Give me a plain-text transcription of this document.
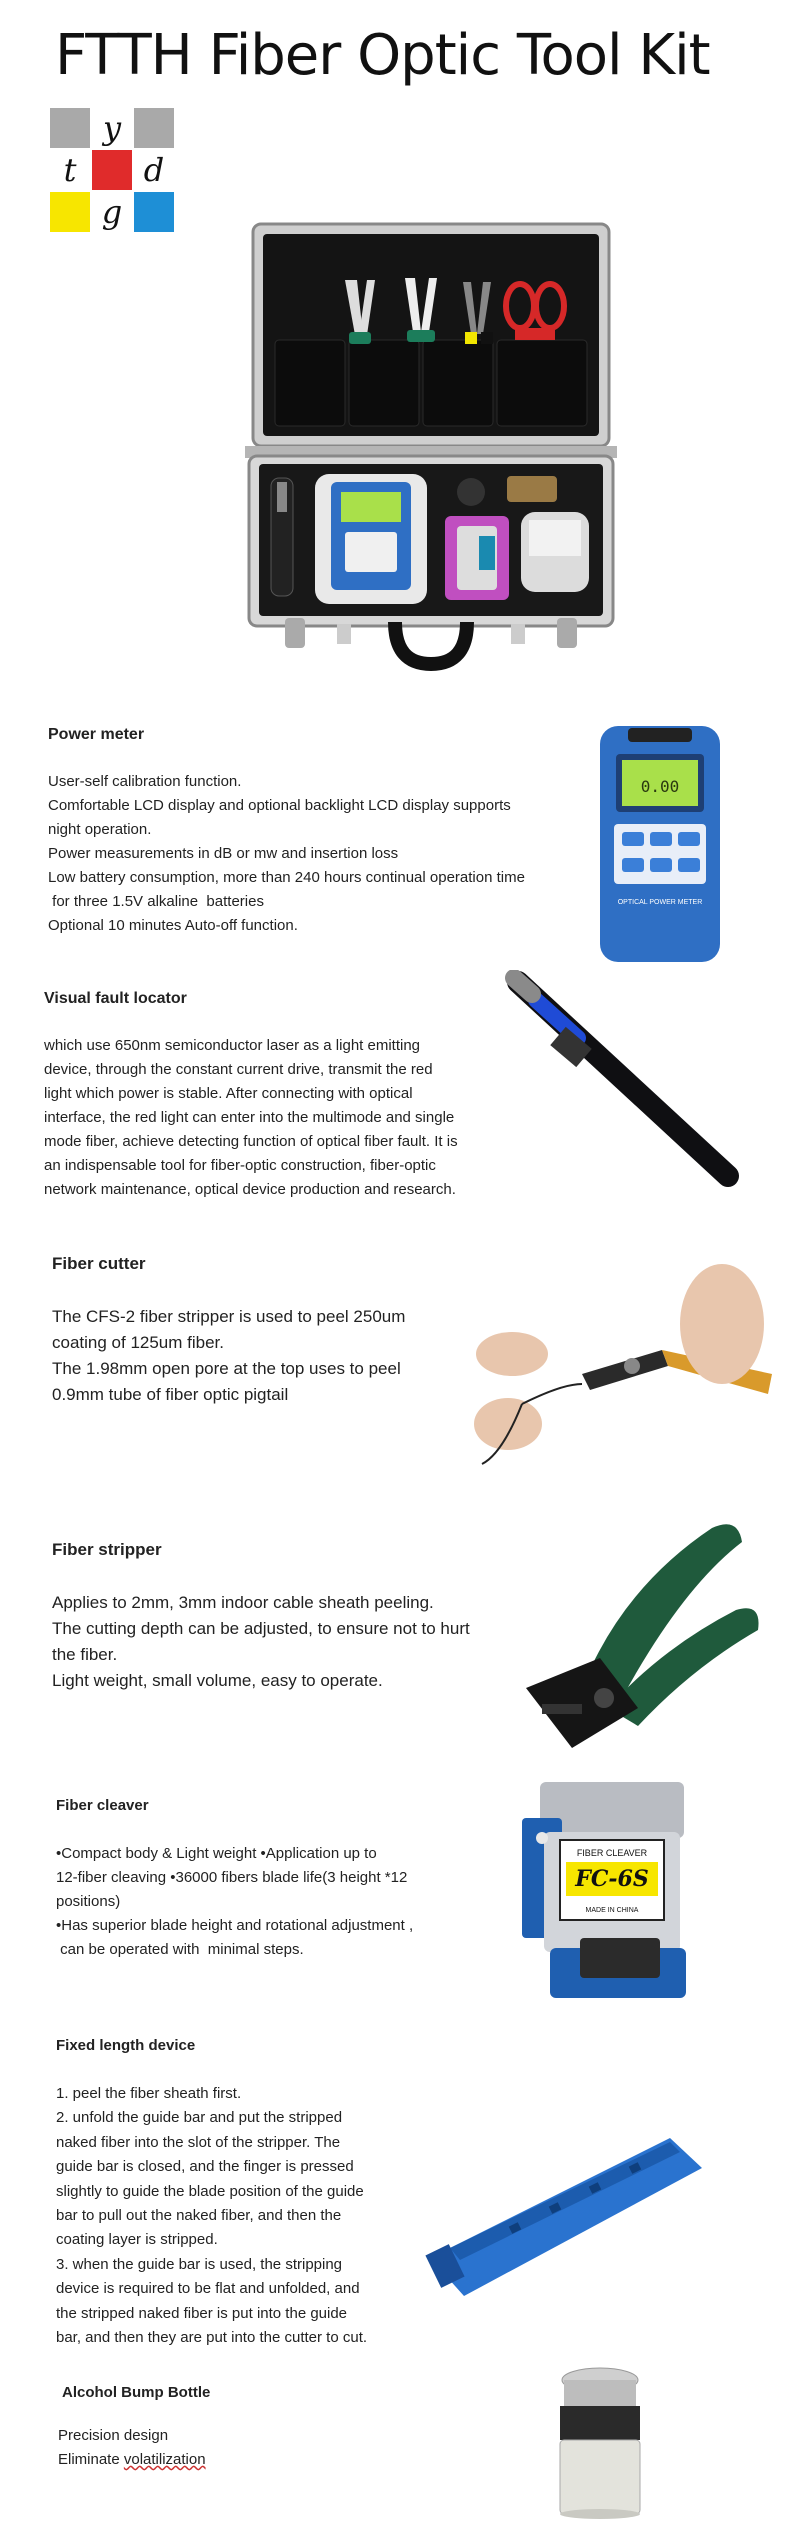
FTTH Fiber Optic Tool Kit
y
t	d
g
Power meter
User-self calibration function.
Comfortable LCD display and optional backlight LCD display supports
night operation.
Power measurements in dB or mw and insertion loss
Low battery consumption, more than 240 hours continual operation time
for three 1.5V alkaline  batteries
Optional 10 minutes Auto-off function.
0.00
OPTICAL POWER METER
Visual fault locator
which use 650nm semiconductor laser as a light emitting
device, through the constant current drive, transmit the red
light which power is stable. After connecting with optical
interface, the red light can enter into the multimode and single
mode fiber, achieve detecting function of optical fiber fault. It is
an indispensable tool for fiber-optic construction, fiber-optic
network maintenance, optical device production and research.
Fiber cutter
The CFS-2 fiber stripper is used to peel 250um
coating of 125um fiber.
The 1.98mm open pore at the top uses to peel
0.9mm tube of fiber optic pigtail
Fiber stripper
Applies to 2mm, 3mm indoor cable sheath peeling.
The cutting depth can be adjusted, to ensure not to hurt
the fiber.
Light weight, small volume, easy to operate.
Fiber cleaver
•Compact body & Light weight •Application up to
12-fiber cleaving •36000 fibers blade life(3 height *12
positions)
•Has superior blade height and rotational adjustment ,
can be operated with  minimal steps.
FIBER CLEAVER
FC-6S
MADE IN CHINA
Fixed length device
1. peel the fiber sheath first.
2. unfold the guide bar and put the stripped
naked fiber into the slot of the stripper. The
guide bar is closed, and the finger is pressed
slightly to guide the blade position of the guide
bar to pull out the naked fiber, and then the
coating layer is stripped.
3. when the guide bar is used, the stripping
device is required to be flat and unfolded, and
the stripped naked fiber is put into the guide
bar, and then they are put into the cutter to cut.
Alcohol Bump Bottle
Precision design
Eliminate volatilization
